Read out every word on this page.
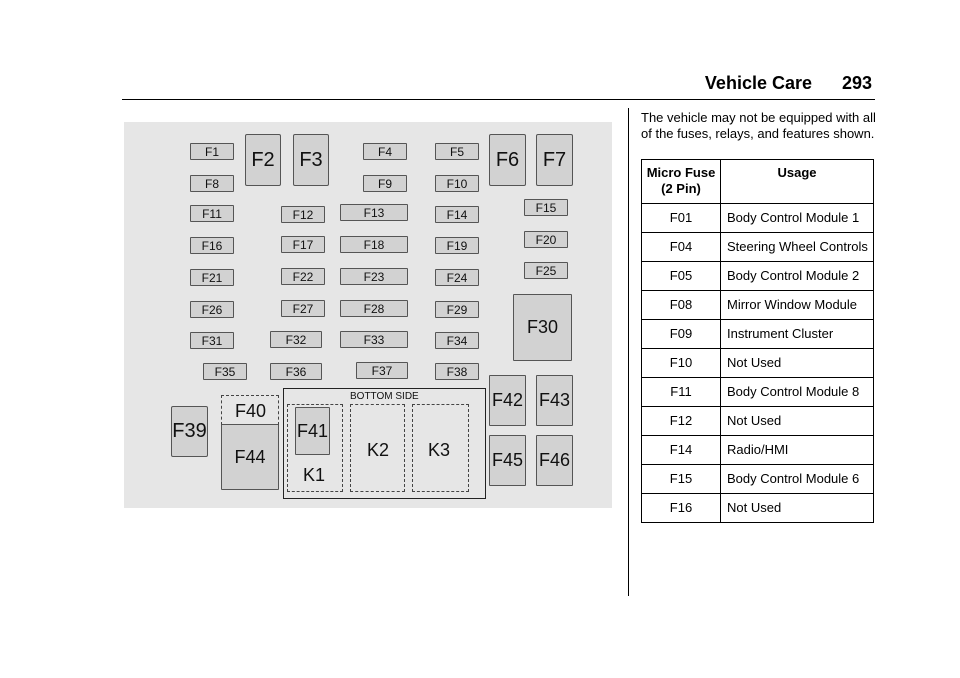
Vehicle Care 293
F1
F8
F11
F16
F21
F26
F31
F35
F2	F3
F12
F17
F22
F27
F32
F36
F4
F9
F13
F18
F23
F28
F33
F37
F5
F10
F14
F19
F24
F29
F34
F38
F6	F7
F15
F20
F25
F30
F39
F40
F44
BOTTOM SIDE
F41
K1
K2 K3
F42 F43
F45 F46
The vehicle may not be equipped with all of the fuses, relays, and features shown.
Micro Fuse (2 Pin)	Usage
F01	Body Control Module 1
F04	Steering Wheel Controls
F05	Body Control Module 2
F08	Mirror Window Module
F09	Instrument Cluster
F10	Not Used
F11	Body Control Module 8
F12	Not Used
F14	Radio/HMI
F15	Body Control Module 6
F16	Not Used
